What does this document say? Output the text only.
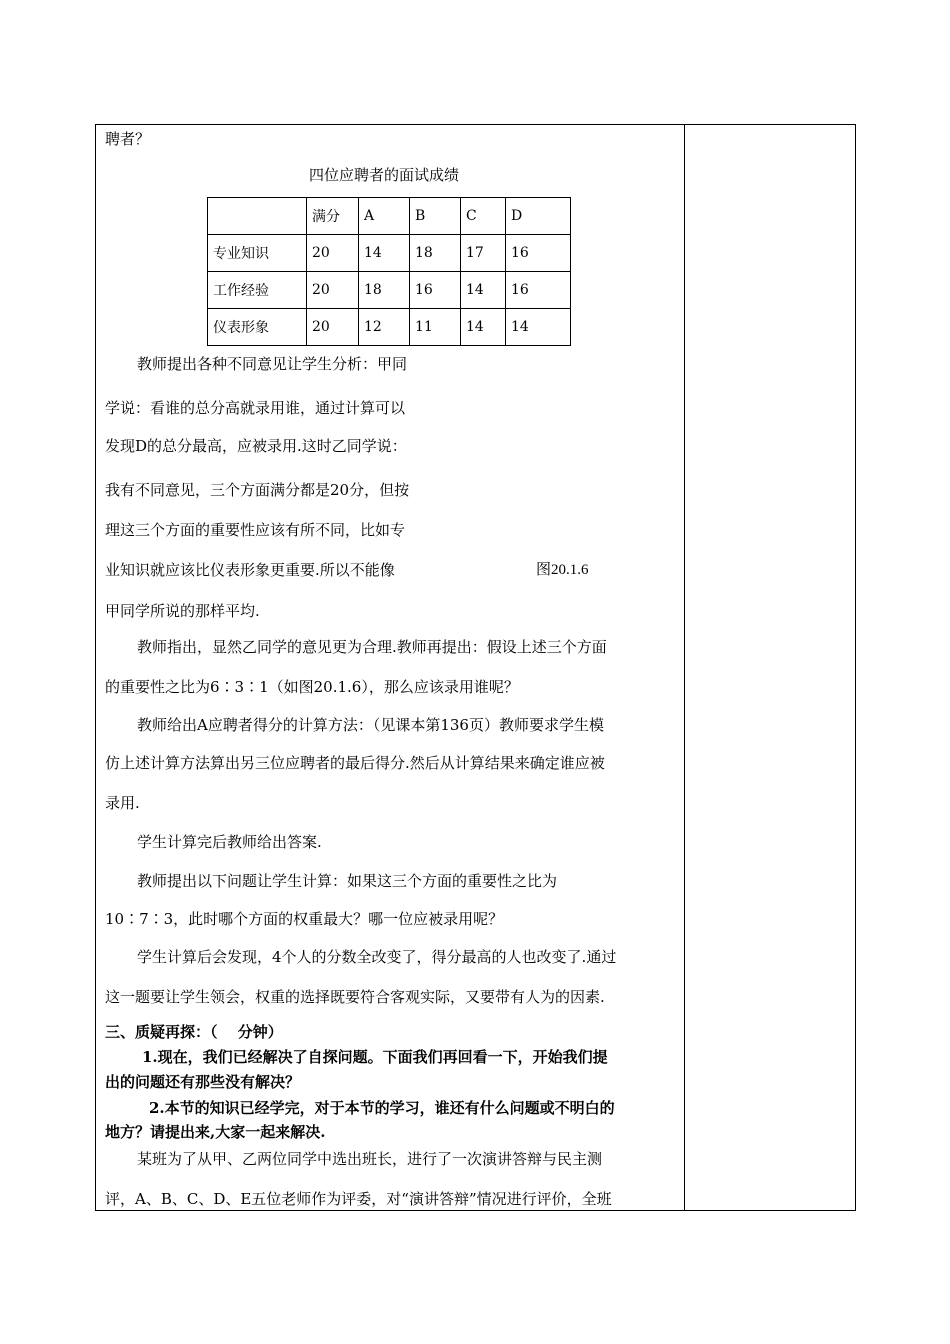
聘者？
四位应聘者的面试成绩
	满分	A	B	C	D
专业知识	20	14	18	17	16
工作经验	20	18	16	14	16
仪表形象	20	12	11	14	14
教师提出各种不同意见让学生分析：甲同
学说：看谁的总分高就录用谁，通过计算可以
发现D的总分最高，应被录用.这时乙同学说：
我有不同意见，三个方面满分都是20分，但按
理这三个方面的重要性应该有所不同，比如专
业知识就应该比仪表形象更重要.所以不能像
甲同学所说的那样平均.
图20.1.6
教师指出，显然乙同学的意见更为合理.教师再提出：假设上述三个方面
的重要性之比为6∶3∶1（如图20.1.6），那么应该录用谁呢？
教师给出A应聘者得分的计算方法：（见课本第136页）教师要求学生模
仿上述计算方法算出另三位应聘者的最后得分.然后从计算结果来确定谁应被
录用.
学生计算完后教师给出答案.
教师提出以下问题让学生计算：如果这三个方面的重要性之比为
10∶7∶3，此时哪个方面的权重最大？哪一位应被录用呢？
学生计算后会发现，4个人的分数全改变了，得分最高的人也改变了.通过
这一题要让学生领会，权重的选择既要符合客观实际，又要带有人为的因素.
三、质疑再探：（　 分钟）
1.现在，我们已经解决了自探问题。下面我们再回看一下，开始我们提
出的问题还有那些没有解决？
2.本节的知识已经学完，对于本节的学习，谁还有什么问题或不明白的
地方？请提出来,大家一起来解决.
某班为了从甲、乙两位同学中选出班长，进行了一次演讲答辩与民主测
评，A、B、C、D、E五位老师作为评委，对“演讲答辩”情况进行评价，全班
